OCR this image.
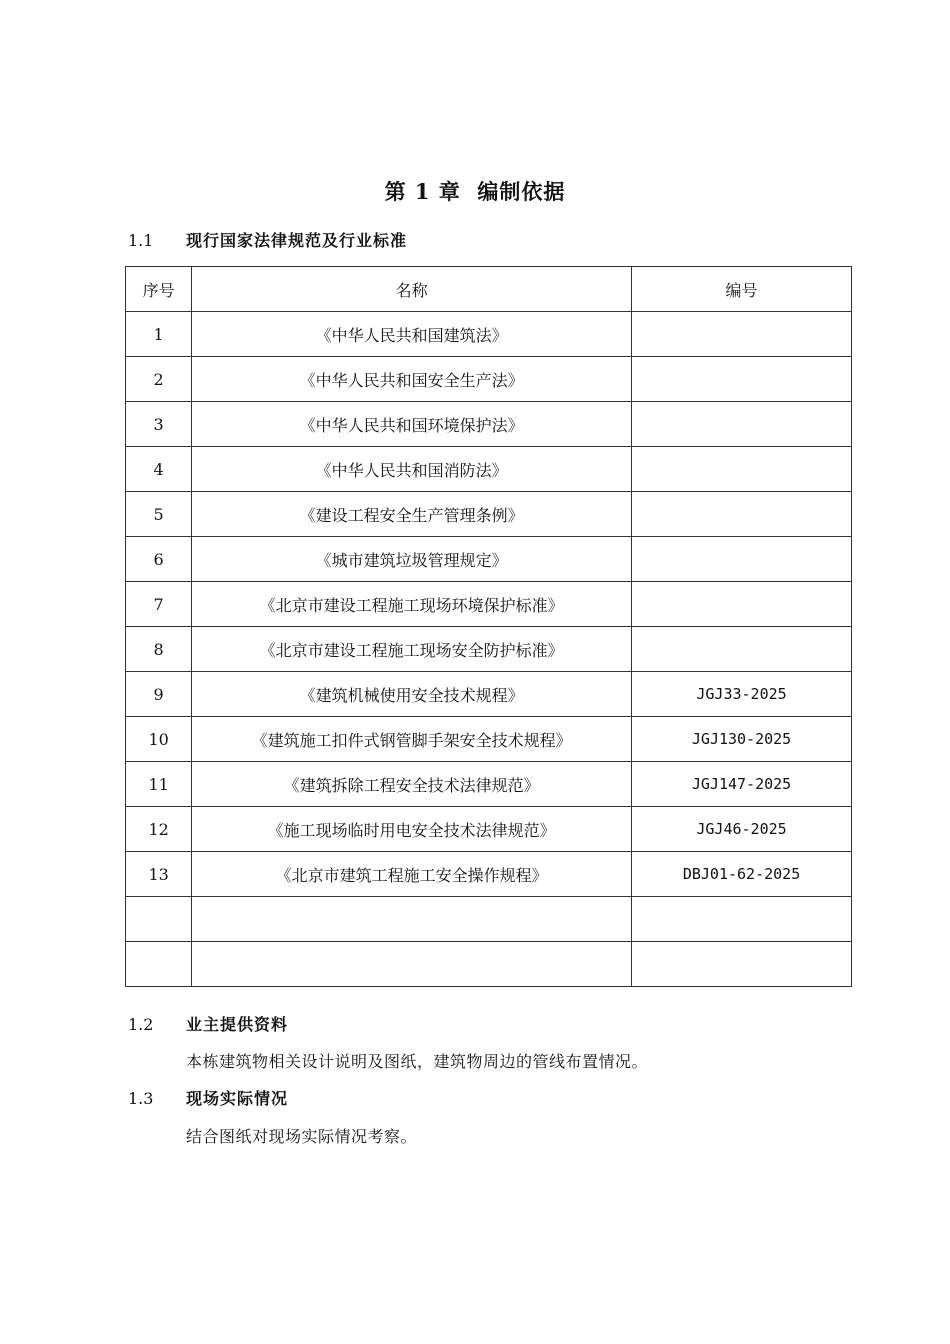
第 1 章  编制依据
1.1 现行国家法律规范及行业标准
序号	名称	编号
1	《中华人民共和国建筑法》	
2	《中华人民共和国安全生产法》	
3	《中华人民共和国环境保护法》	
4	《中华人民共和国消防法》	
5	《建设工程安全生产管理条例》	
6	《城市建筑垃圾管理规定》	
7	《北京市建设工程施工现场环境保护标准》	
8	《北京市建设工程施工现场安全防护标准》	
9	《建筑机械使用安全技术规程》	JGJ33-2025
10	《建筑施工扣件式钢管脚手架安全技术规程》	JGJ130-2025
11	《建筑拆除工程安全技术法律规范》	JGJ147-2025
12	《施工现场临时用电安全技术法律规范》	JGJ46-2025
13	《北京市建筑工程施工安全操作规程》	DBJ01-62-2025

1.2 业主提供资料
本栋建筑物相关设计说明及图纸，建筑物周边的管线布置情况。
1.3 现场实际情况
结合图纸对现场实际情况考察。
